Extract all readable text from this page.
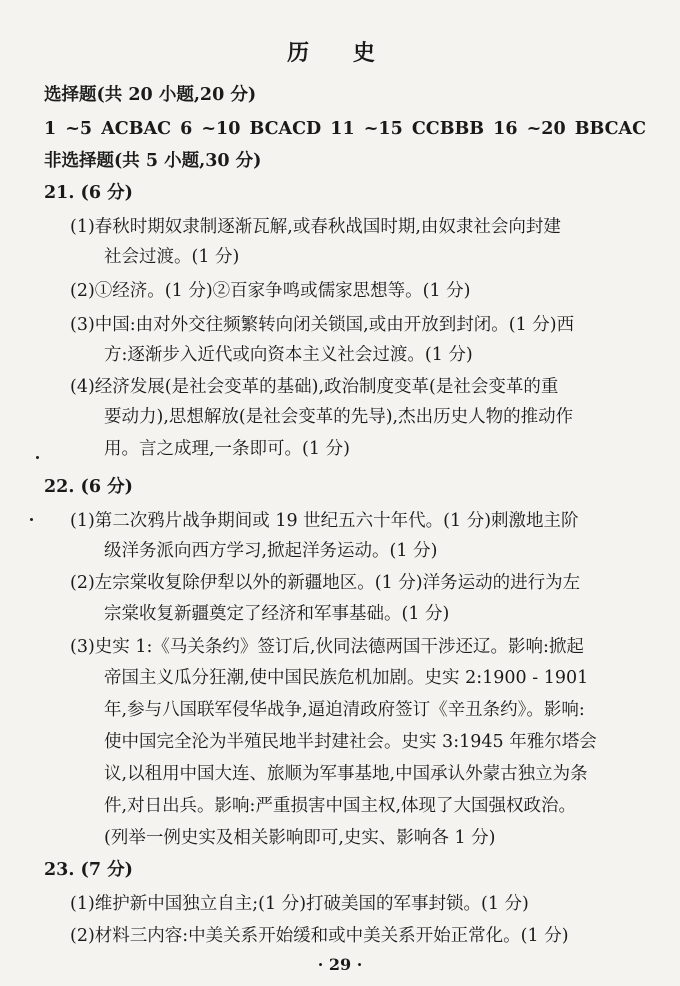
历 史
选择题(共 20 小题,20 分)
1 ~5 ACBAC 6 ~10 BCACD 11 ~15 CCBBB 16 ~20 BBCAC
非选择题(共 5 小题,30 分)
21. (6 分)
(1)春秋时期奴隶制逐渐瓦解,或春秋战国时期,由奴隶社会向封建
社会过渡。(1 分)
(2)①经济。(1 分)②百家争鸣或儒家思想等。(1 分)
(3)中国:由对外交往频繁转向闭关锁国,或由开放到封闭。(1 分)西
方:逐渐步入近代或向资本主义社会过渡。(1 分)
(4)经济发展(是社会变革的基础),政治制度变革(是社会变革的重
要动力),思想解放(是社会变革的先导),杰出历史人物的推动作
用。言之成理,一条即可。(1 分)
22. (6 分)
(1)第二次鸦片战争期间或 19 世纪五六十年代。(1 分)刺激地主阶
级洋务派向西方学习,掀起洋务运动。(1 分)
(2)左宗棠收复除伊犁以外的新疆地区。(1 分)洋务运动的进行为左
宗棠收复新疆奠定了经济和军事基础。(1 分)
(3)史实 1:《马关条约》签订后,伙同法德两国干涉还辽。影响:掀起
帝国主义瓜分狂潮,使中国民族危机加剧。史实 2:1900 - 1901
年,参与八国联军侵华战争,逼迫清政府签订《辛丑条约》。影响:
使中国完全沦为半殖民地半封建社会。史实 3:1945 年雅尔塔会
议,以租用中国大连、旅顺为军事基地,中国承认外蒙古独立为条
件,对日出兵。影响:严重损害中国主权,体现了大国强权政治。
(列举一例史实及相关影响即可,史实、影响各 1 分)
23. (7 分)
(1)维护新中国独立自主;(1 分)打破美国的军事封锁。(1 分)
(2)材料三内容:中美关系开始缓和或中美关系开始正常化。(1 分)
· 29 ·
